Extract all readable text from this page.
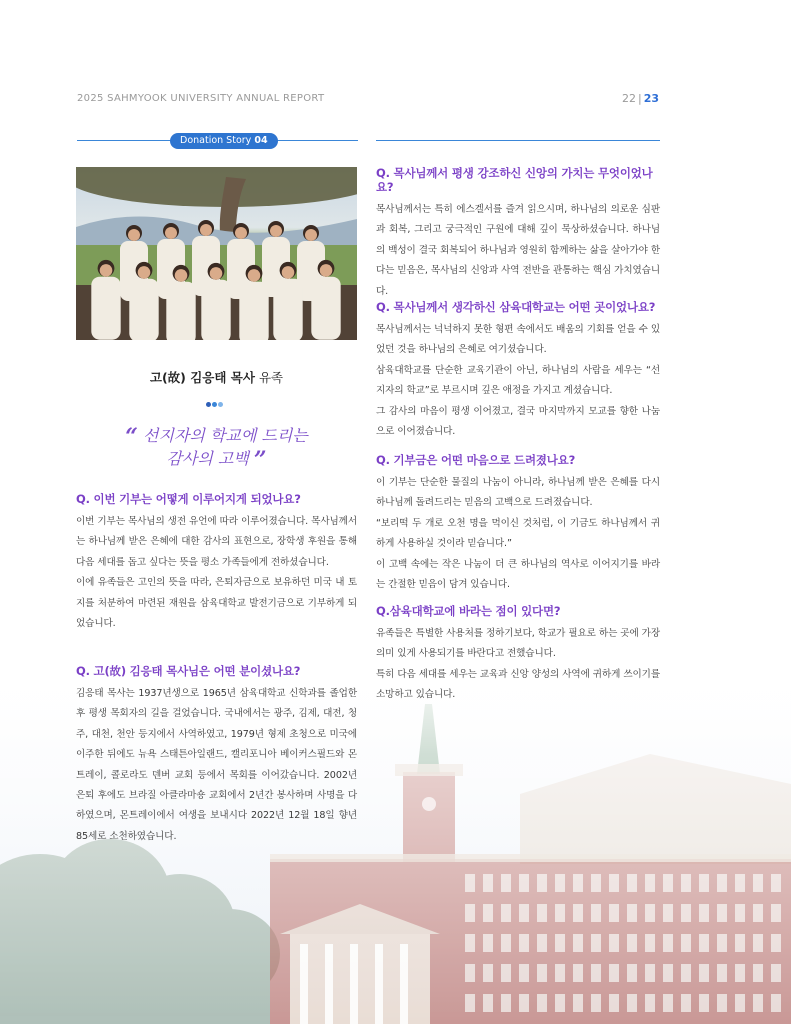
2025 SAHMYOOK UNIVERSITY ANNUAL REPORT	22 | 23
Donation Story 04
고(故) 김응태 목사 유족
“ 선지자의 학교에 드리는
감사의 고백 ”
Q. 이번 기부는 어떻게 이루어지게 되었나요?

이번 기부는 목사님의 생전 유언에 따라 이루어졌습니다. 목사님께서는 하나님께 받은 은혜에 대한 감사의 표현으로, 장학생 후원을 통해 다음 세대를 돕고 싶다는 뜻을 평소 가족들에게 전하셨습니다.

이에 유족들은 고인의 뜻을 따라, 은퇴자금으로 보유하던 미국 내 토지를 처분하여 마련된 재원을 삼육대학교 발전기금으로 기부하게 되었습니다.

Q. 고(故) 김응태 목사님은 어떤 분이셨나요?

김응태 목사는 1937년생으로 1965년 삼육대학교 신학과를 졸업한 후 평생 목회자의 길을 걸었습니다. 국내에서는 광주, 김제, 대전, 청주, 대천, 천안 등지에서 사역하였고, 1979년 형제 초청으로 미국에 이주한 뒤에도 뉴욕 스태튼아일랜드, 캘리포니아 베이커스필드와 몬트레이, 콜로라도 덴버 교회 등에서 목회를 이어갔습니다. 2002년 은퇴 후에도 브라질 아클라마숑 교회에서 2년간 봉사하며 사명을 다하였으며, 몬트레이에서 여생을 보내시다 2022년 12월 18일 향년 85세로 소천하였습니다.

Q. 목사님께서 평생 강조하신 신앙의 가치는 무엇이었나요?

목사님께서는 특히 에스겔서를 즐겨 읽으시며, 하나님의 의로운 심판과 회복, 그리고 궁극적인 구원에 대해 깊이 묵상하셨습니다. 하나님의 백성이 결국 회복되어 하나님과 영원히 함께하는 삶을 살아가야 한다는 믿음은, 목사님의 신앙과 사역 전반을 관통하는 핵심 가치였습니다.

Q. 목사님께서 생각하신 삼육대학교는 어떤 곳이었나요?

목사님께서는 넉넉하지 못한 형편 속에서도 배움의 기회를 얻을 수 있었던 것을 하나님의 은혜로 여기셨습니다.

삼육대학교를 단순한 교육기관이 아닌, 하나님의 사람을 세우는 “선지자의 학교”로 부르시며 깊은 애정을 가지고 계셨습니다.

그 감사의 마음이 평생 이어졌고, 결국 마지막까지 모교를 향한 나눔으로 이어졌습니다.

Q. 기부금은 어떤 마음으로 드려졌나요?

이 기부는 단순한 물질의 나눔이 아니라, 하나님께 받은 은혜를 다시 하나님께 돌려드리는 믿음의 고백으로 드려졌습니다.

“보리떡 두 개로 오천 명을 먹이신 것처럼, 이 기금도 하나님께서 귀하게 사용하실 것이라 믿습니다.”

이 고백 속에는 작은 나눔이 더 큰 하나님의 역사로 이어지기를 바라는 간절한 믿음이 담겨 있습니다.

Q.삼육대학교에 바라는 점이 있다면?

유족들은 특별한 사용처를 정하기보다, 학교가 필요로 하는 곳에 가장 의미 있게 사용되기를 바란다고 전했습니다.

특히 다음 세대를 세우는 교육과 신앙 양성의 사역에 귀하게 쓰이기를 소망하고 있습니다.
